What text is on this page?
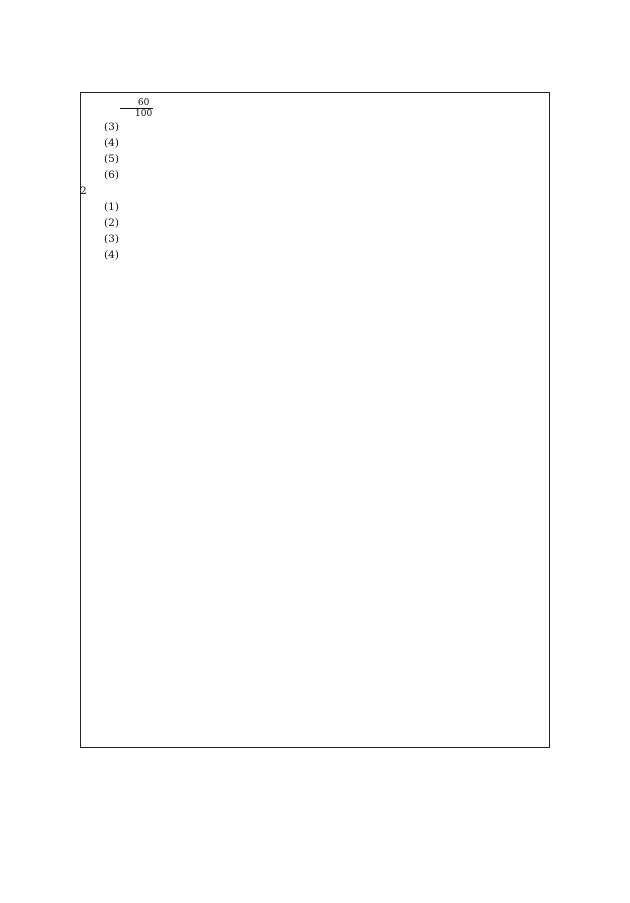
$\frac{60}{100}$

(3)

(4)

(5)

(6)

2

(1)

(2)

(3)

(4)
